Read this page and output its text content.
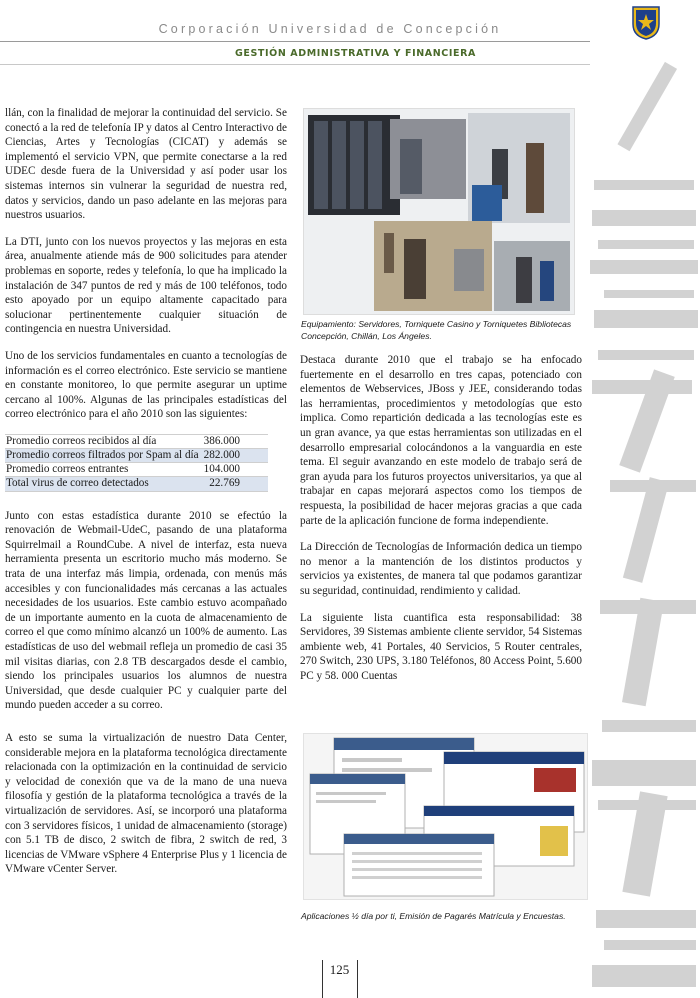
Corporación Universidad de Concepción
GESTIÓN ADMINISTRATIVA Y FINANCIERA

llán, con la finalidad de mejorar la continuidad del servicio. Se conectó a la red de telefonía IP y datos al Centro Interactivo de Ciencias, Artes y Tecnologías (CICAT) y además se implementó el servicio VPN, que permite conectarse a la red UDEC desde fuera de la Universidad y así poder usar los sistemas internos sin vulnerar la seguridad de nuestra red, datos y servicios, dando un paso adelante en las mejoras para nuestros usuarios.

La DTI, junto con los nuevos proyectos y las mejoras en esta área, anualmente atiende más de 900 solicitudes para atender problemas en soporte, redes y telefonía, lo que ha implicado la instalación de 347 puntos de red y más de 100 teléfonos, todo esto apoyado por un equipo altamente capacitado para solucionar pertinentemente cualquier situación de contingencia en nuestra Universidad.

Uno de los servicios fundamentales en cuanto a tecnologías de información es el correo electrónico. Este servicio se mantiene en constante monitoreo, lo que permite asegurar un uptime cercano al 100%. Algunas de las principales estadísticas del correo electrónico para el año 2010 son las siguientes:

Promedio correos recibidos al día	386.000
Promedio correos filtrados por Spam al día	282.000
Promedio correos entrantes	104.000
Total virus de correo detectados	22.769

Junto con estas estadística durante 2010 se efectúo la renovación de Webmail-UdeC, pasando de una plataforma Squirrelmail a RoundCube. A nivel de interfaz, esta nueva herramienta presenta un escritorio mucho más moderno. Se trata de una interfaz más limpia, ordenada, con menús más accesibles y con funcionalidades más cercanas a las actuales necesidades de los usuarios. Este cambio estuvo acompañado de un importante aumento en la cuota de almacenamiento de correo el que como mínimo alcanzó un 100% de aumento. Las estadísticas de uso del webmail refleja un promedio de casi 35 mil visitas diarias, con 2.8 TB descargados desde el cambio, siendo los principales usuarios los alumnos de nuestra Universidad, que desde cualquier PC y cualquier parte del mundo pueden acceder a su correo.

A esto se suma la virtualización de nuestro Data Center, considerable mejora en la plataforma tecnológica directamente relacionada con la optimización en la continuidad de servicio y velocidad de conexión que va de la mano de una nueva filosofía y gestión de la plataforma tecnológica a través de la virtualización de servidores. Así, se incorporó una plataforma con 3 servidores físicos, 1 unidad de almacenamiento (storage) con 5.1 TB de disco, 2 switch de fibra, 2 switch de red, 3 licencias de VMware vSphere 4 Enterprise Plus y 1 licencia de VMware vCenter Server.

Equipamiento: Servidores, Torniquete Casino y Torniquetes Bibliotecas Concepción, Chillán, Los Ángeles.

Destaca durante 2010 que el trabajo se ha enfocado fuertemente en el desarrollo en tres capas, potenciado con elementos de Webservices, JBoss y JEE, considerando todas las herramientas, procedimientos y metodologías que esto implica. Como repartición dedicada a las tecnologías este es un gran avance, ya que estas herramientas son utilizadas en el desarrollo empresarial colocándonos a la vanguardia en este tema. El seguir avanzando en este modelo de trabajo será de gran ayuda para los futuros proyectos universitarios, ya que al trabajar en capas mejorará aspectos como los tiempos de respuesta, la posibilidad de hacer mejoras gracias a que cada parte de la aplicación funcione de forma independiente.

La Dirección de Tecnologías de Información dedica un tiempo no menor a la mantención de los distintos productos y servicios ya existentes, de manera tal que podamos garantizar su seguridad, continuidad, rendimiento y calidad.

La siguiente lista cuantifica esta responsabilidad: 38 Servidores, 39 Sistemas ambiente cliente servidor, 54 Sistemas ambiente web, 41 Portales, 40 Servicios, 5 Router centrales, 270 Switch, 230 UPS, 3.180 Teléfonos, 80 Access Point, 5.600 PC y 58. 000 Cuentas

Aplicaciones ½ día por ti, Emisión de Pagarés Matrícula y Encuestas.
125
